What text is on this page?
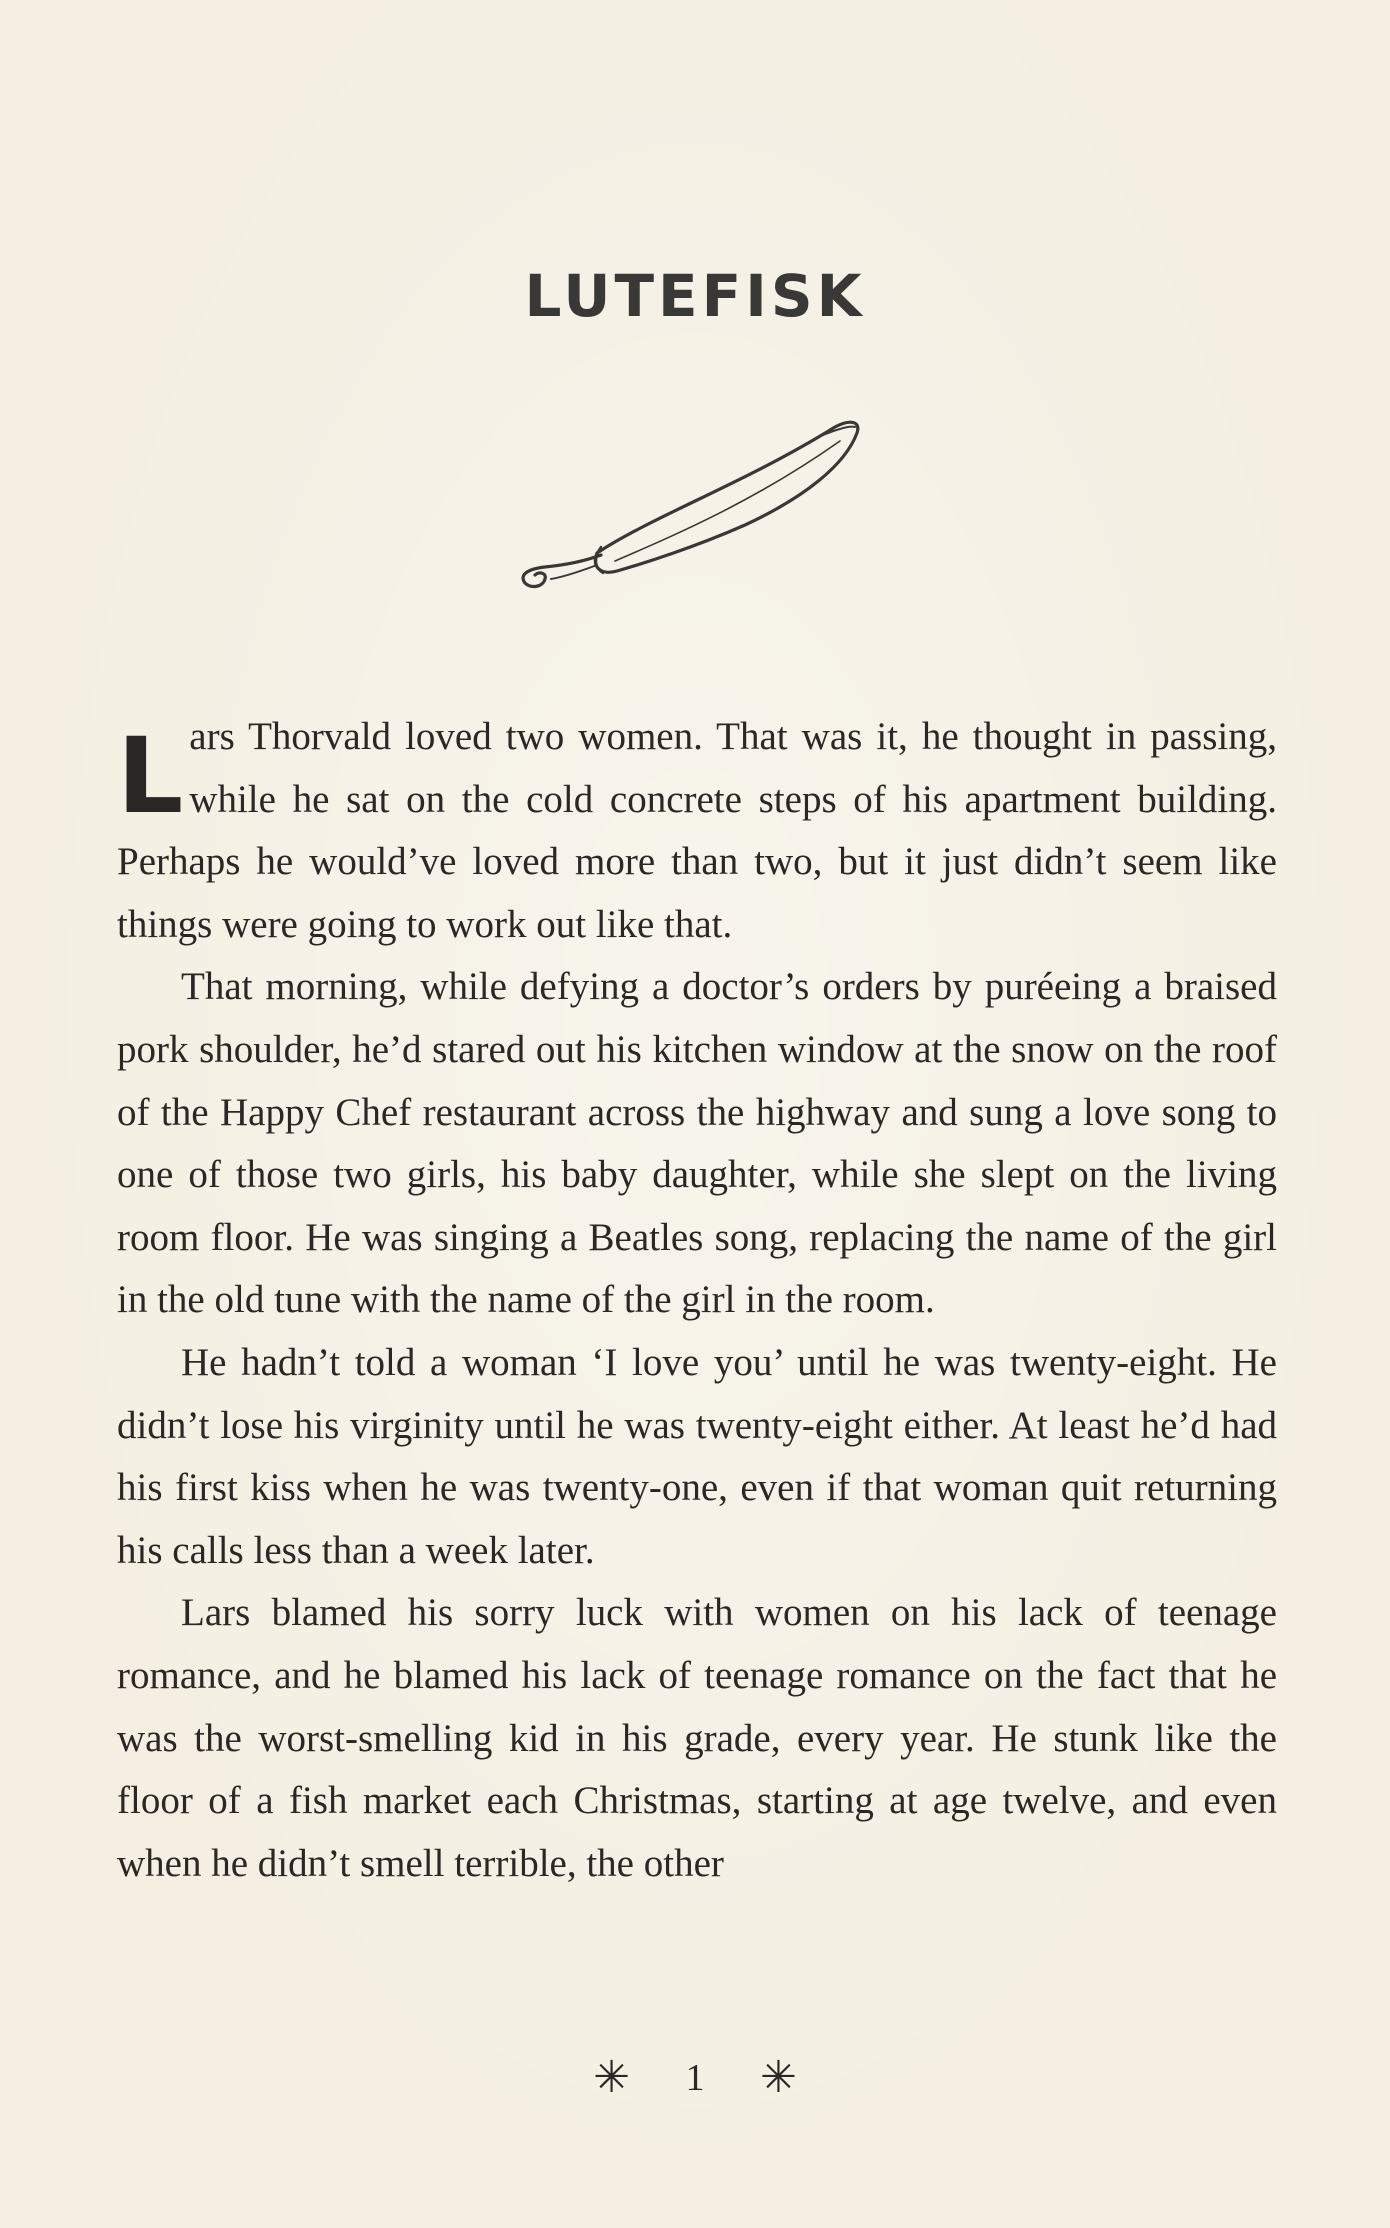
LUTEFISK

Lars Thorvald loved two women. That was it, he thought in passing, while he sat on the cold concrete steps of his apartment building. Perhaps he would’ve loved more than two, but it just didn’t seem like things were going to work out like that.

That morning, while defying a doctor’s orders by puréeing a braised pork shoulder, he’d stared out his kitchen window at the snow on the roof of the Happy Chef restaurant across the highway and sung a love song to one of those two girls, his baby daughter, while she slept on the living room floor. He was singing a Beatles song, replacing the name of the girl in the old tune with the name of the girl in the room.

He hadn’t told a woman ‘I love you’ until he was twenty-eight. He didn’t lose his virginity until he was twenty-eight either. At least he’d had his first kiss when he was twenty-one, even if that woman quit returning his calls less than a week later.

Lars blamed his sorry luck with women on his lack of teenage romance, and he blamed his lack of teenage romance on the fact that he was the worst-smelling kid in his grade, every year. He stunk like the floor of a fish market each Christmas, starting at age twelve, and even when he didn’t smell terrible, the other

✳ 1 ✳
